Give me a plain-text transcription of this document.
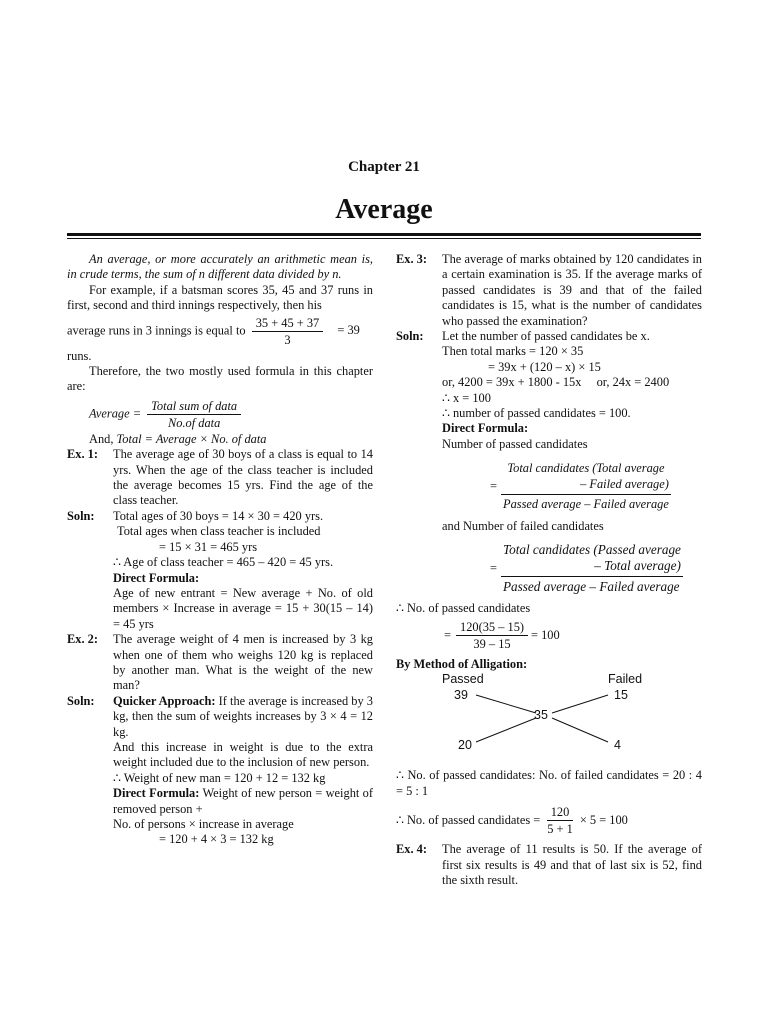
Chapter 21
Average

An average, or more accurately an arithmetic mean is, in crude terms, the sum of n different data divided by n.

For example, if a batsman scores 35, 45 and 37 runs in first, second and third innings respectively, then his

average runs in 3 innings is equal to $\frac{35 + 45 + 37}{3} = 39$

runs.

Therefore, the two mostly used formula in this chapter are:

Average = $\frac{\text{Total sum of data}}{\text{No.of data}}$

And, Total = Average × No. of data

Ex. 1:	The average age of 30 boys of a class is equal to 14 yrs. When the age of the class teacher is included the average becomes 15 yrs. Find the age of the class teacher.
Soln:	Total ages of 30 boys = 14 × 30 = 420 yrs.

Total ages when class teacher is included

= 15 × 31 = 465 yrs

∴ Age of class teacher = 465 – 420 = 45 yrs.

Direct Formula:

Age of new entrant = New average + No. of old members × Increase in average = 15 + 30(15 – 14) = 45 yrs

Ex. 2:	The average weight of 4 men is increased by 3 kg when one of them who weighs 120 kg is replaced by another man. What is the weight of the new man?
Soln:	Quicker Approach: If the average is increased by 3 kg, then the sum of weights increases by 3 × 4 = 12 kg.

And this increase in weight is due to the extra weight included due to the inclusion of new person.

∴ Weight of new man = 120 + 12 = 132 kg

Direct Formula: Weight of new person = weight of removed person +

No. of persons × increase in average

= 120 + 4 × 3 = 132 kg

Ex. 3:	The average of marks obtained by 120 candidates in a certain examination is 35. If the average marks of passed candidates is 39 and that of the failed candidates is 15, what is the number of candidates who passed the examination?
Soln:	Let the number of passed candidates be x.

Then total marks = 120 × 35

= 39x + (120 – x) × 15

or, 4200 = 39x + 1800 - 15x or, 24x = 2400

∴ x = 100

∴ number of passed candidates = 100.

Direct Formula:

Number of passed candidates

= Total candidates (Total average
– Failed average)
Passed average – Failed average

and Number of failed candidates

= Total candidates (Passed average
– Total average)
Passed average – Failed average

∴ No. of passed candidates

= $\frac{120(35 - 15)}{39 - 15} = 100$

By Method of Alligation:

Passed	Failed
39	15
35
20	4

∴ No. of passed candidates: No. of failed candidates = 20 : 4 = 5 : 1

∴ No. of passed candidates = $\frac{120}{5 + 1} \times 5 = 100$
Ex. 4:	The average of 11 results is 50. If the average of first six results is 49 and that of last six is 52, find the sixth result.
